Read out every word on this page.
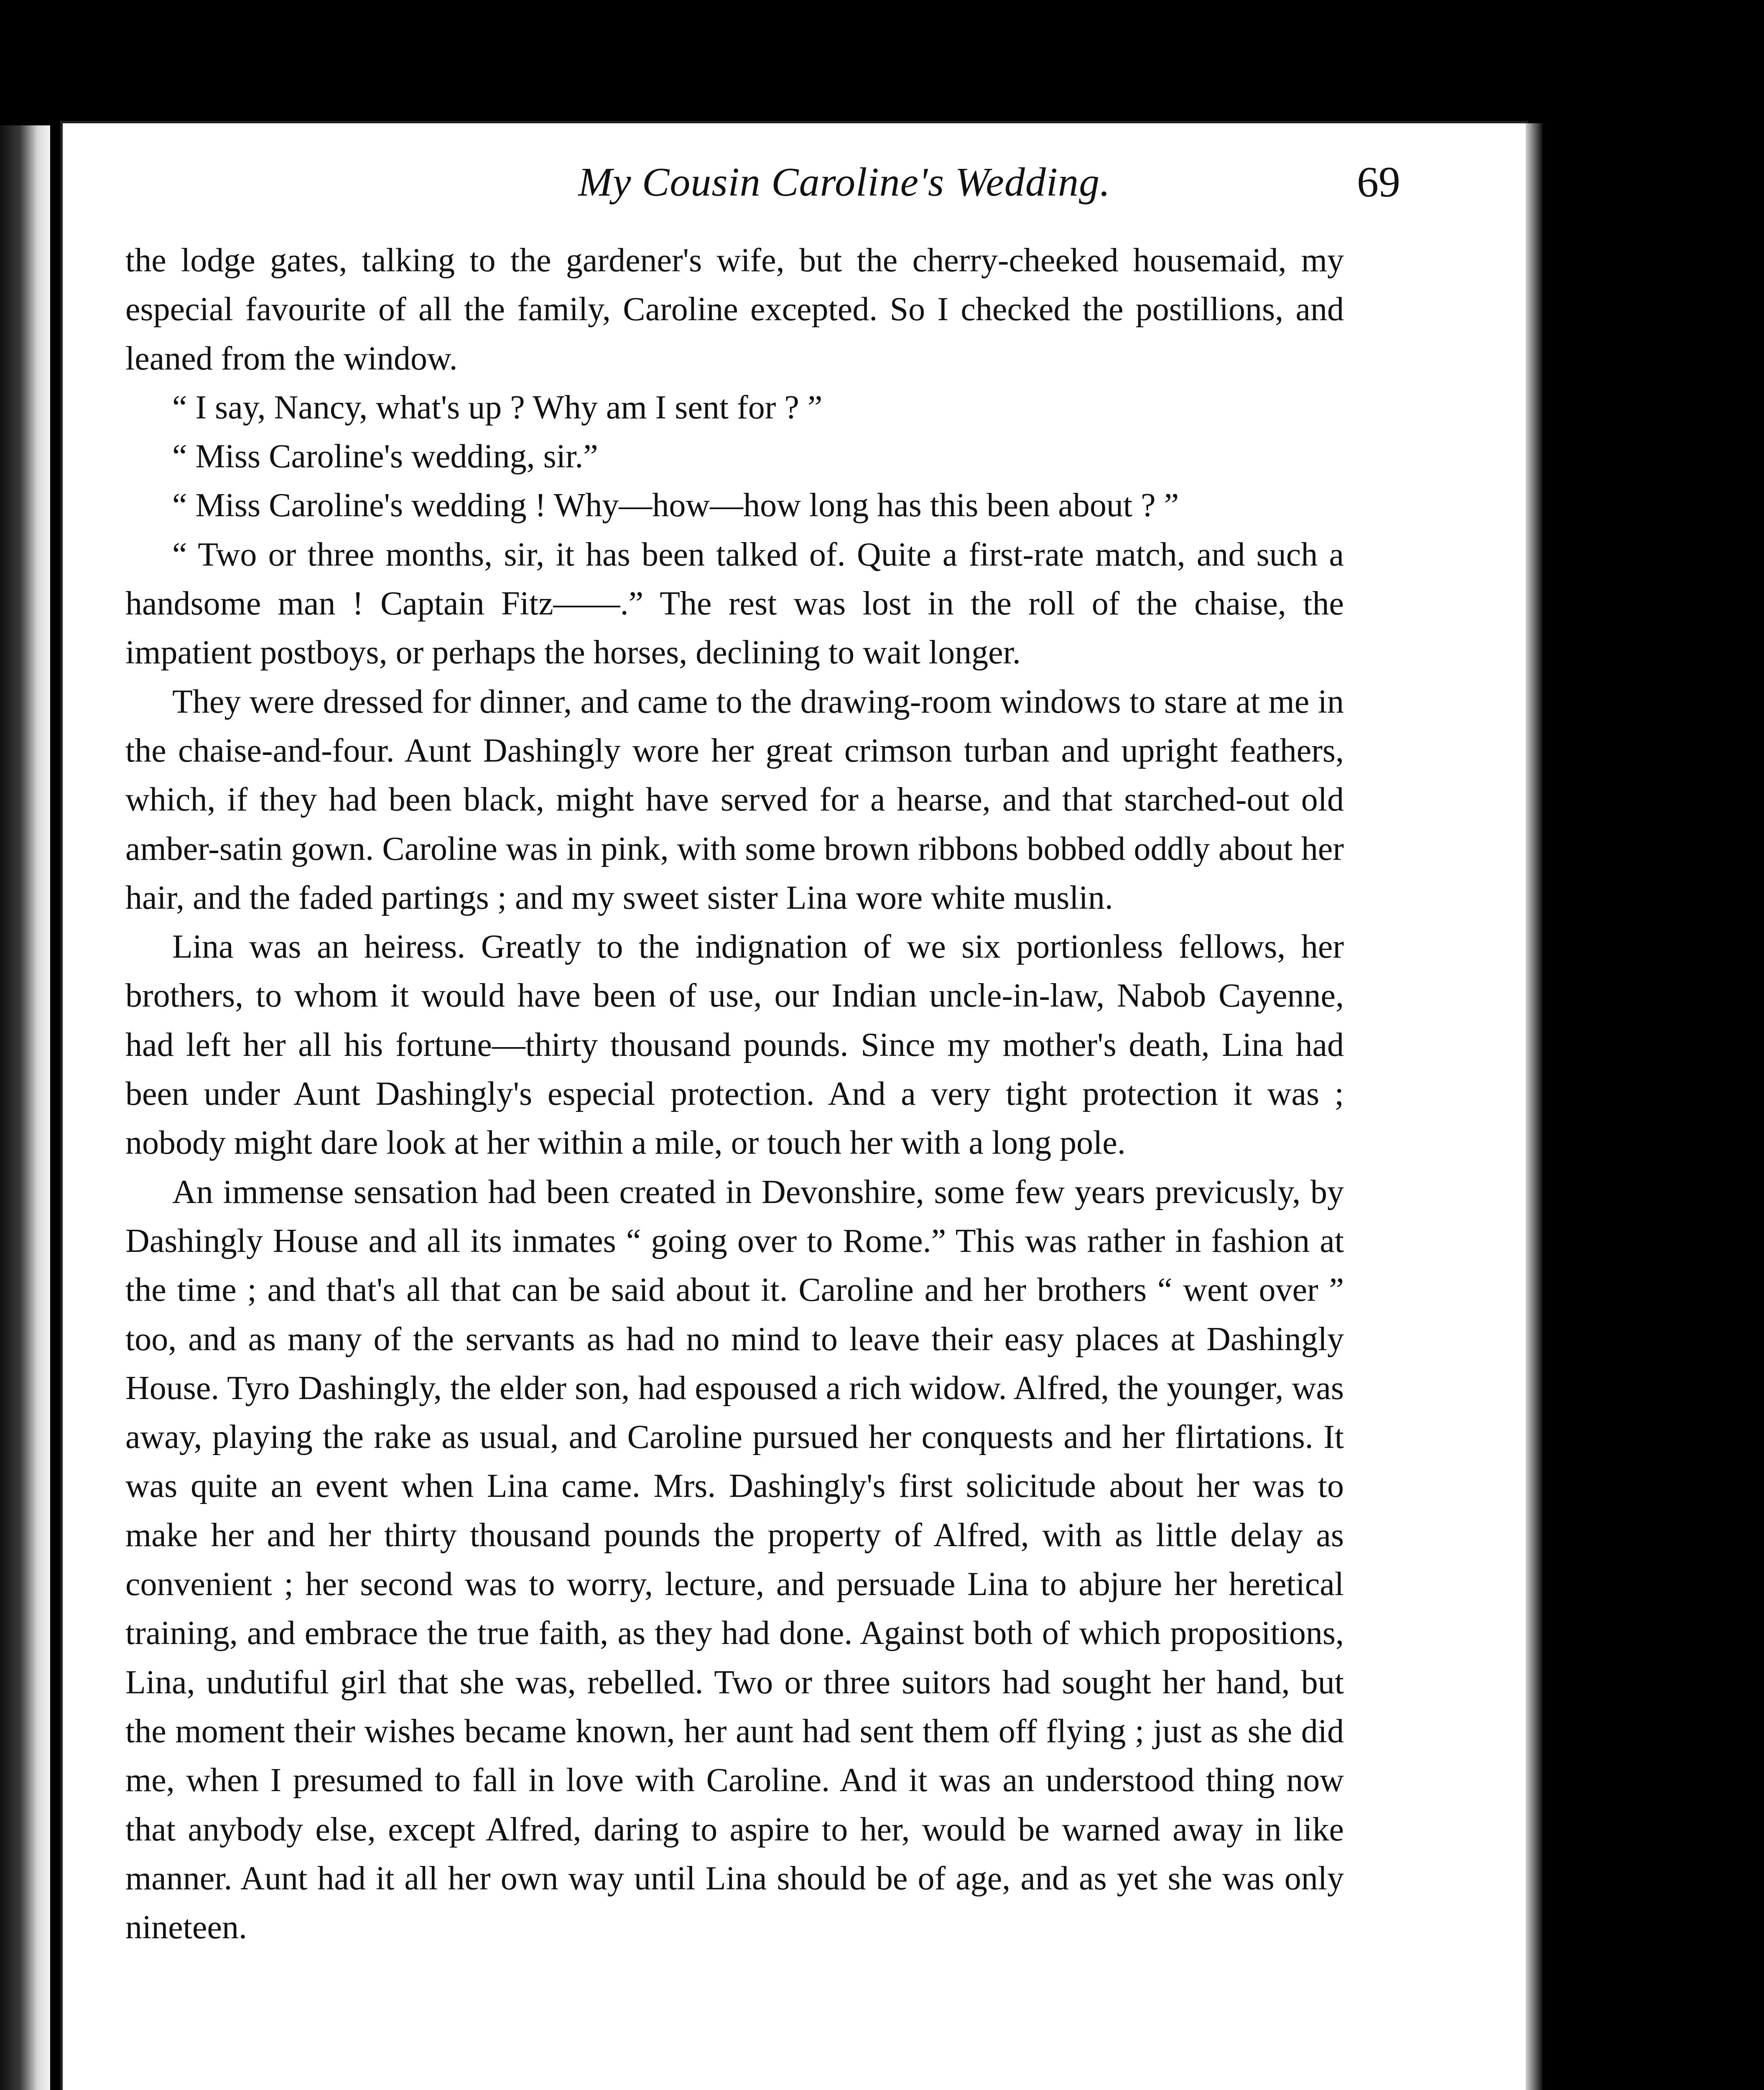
My Cousin Caroline's Wedding.	69

the lodge gates, talking to the gardener's wife, but the cherry-cheeked housemaid, my especial favourite of all the family, Caroline excepted. So I checked the postillions, and leaned from the window.

“ I say, Nancy, what's up ? Why am I sent for ? ”

“ Miss Caroline's wedding, sir.”

“ Miss Caroline's wedding ! Why—how—how long has this been about ? ”

“ Two or three months, sir, it has been talked of. Quite a first-rate match, and such a handsome man ! Captain Fitz——.” The rest was lost in the roll of the chaise, the impatient postboys, or perhaps the horses, declining to wait longer.

They were dressed for dinner, and came to the drawing-room windows to stare at me in the chaise-and-four. Aunt Dashingly wore her great crimson turban and upright feathers, which, if they had been black, might have served for a hearse, and that starched-out old amber-satin gown. Caroline was in pink, with some brown ribbons bobbed oddly about her hair, and the faded partings ; and my sweet sister Lina wore white muslin.

Lina was an heiress. Greatly to the indignation of we six portionless fellows, her brothers, to whom it would have been of use, our Indian uncle-in-law, Nabob Cayenne, had left her all his fortune—thirty thousand pounds. Since my mother's death, Lina had been under Aunt Dashingly's especial protection. And a very tight protection it was ; nobody might dare look at her within a mile, or touch her with a long pole.

An immense sensation had been created in Devonshire, some few years previcusly, by Dashingly House and all its inmates “ going over to Rome.” This was rather in fashion at the time ; and that's all that can be said about it. Caroline and her brothers “ went over ” too, and as many of the servants as had no mind to leave their easy places at Dashingly House. Tyro Dashingly, the elder son, had espoused a rich widow. Alfred, the younger, was away, playing the rake as usual, and Caroline pursued her conquests and her flirtations. It was quite an event when Lina came. Mrs. Dashingly's first solicitude about her was to make her and her thirty thousand pounds the property of Alfred, with as little delay as convenient ; her second was to worry, lecture, and persuade Lina to abjure her heretical training, and embrace the true faith, as they had done. Against both of which propositions, Lina, undutiful girl that she was, rebelled. Two or three suitors had sought her hand, but the moment their wishes became known, her aunt had sent them off flying ; just as she did me, when I presumed to fall in love with Caroline. And it was an understood thing now that anybody else, except Alfred, daring to aspire to her, would be warned away in like manner. Aunt had it all her own way until Lina should be of age, and as yet she was only nineteen.
